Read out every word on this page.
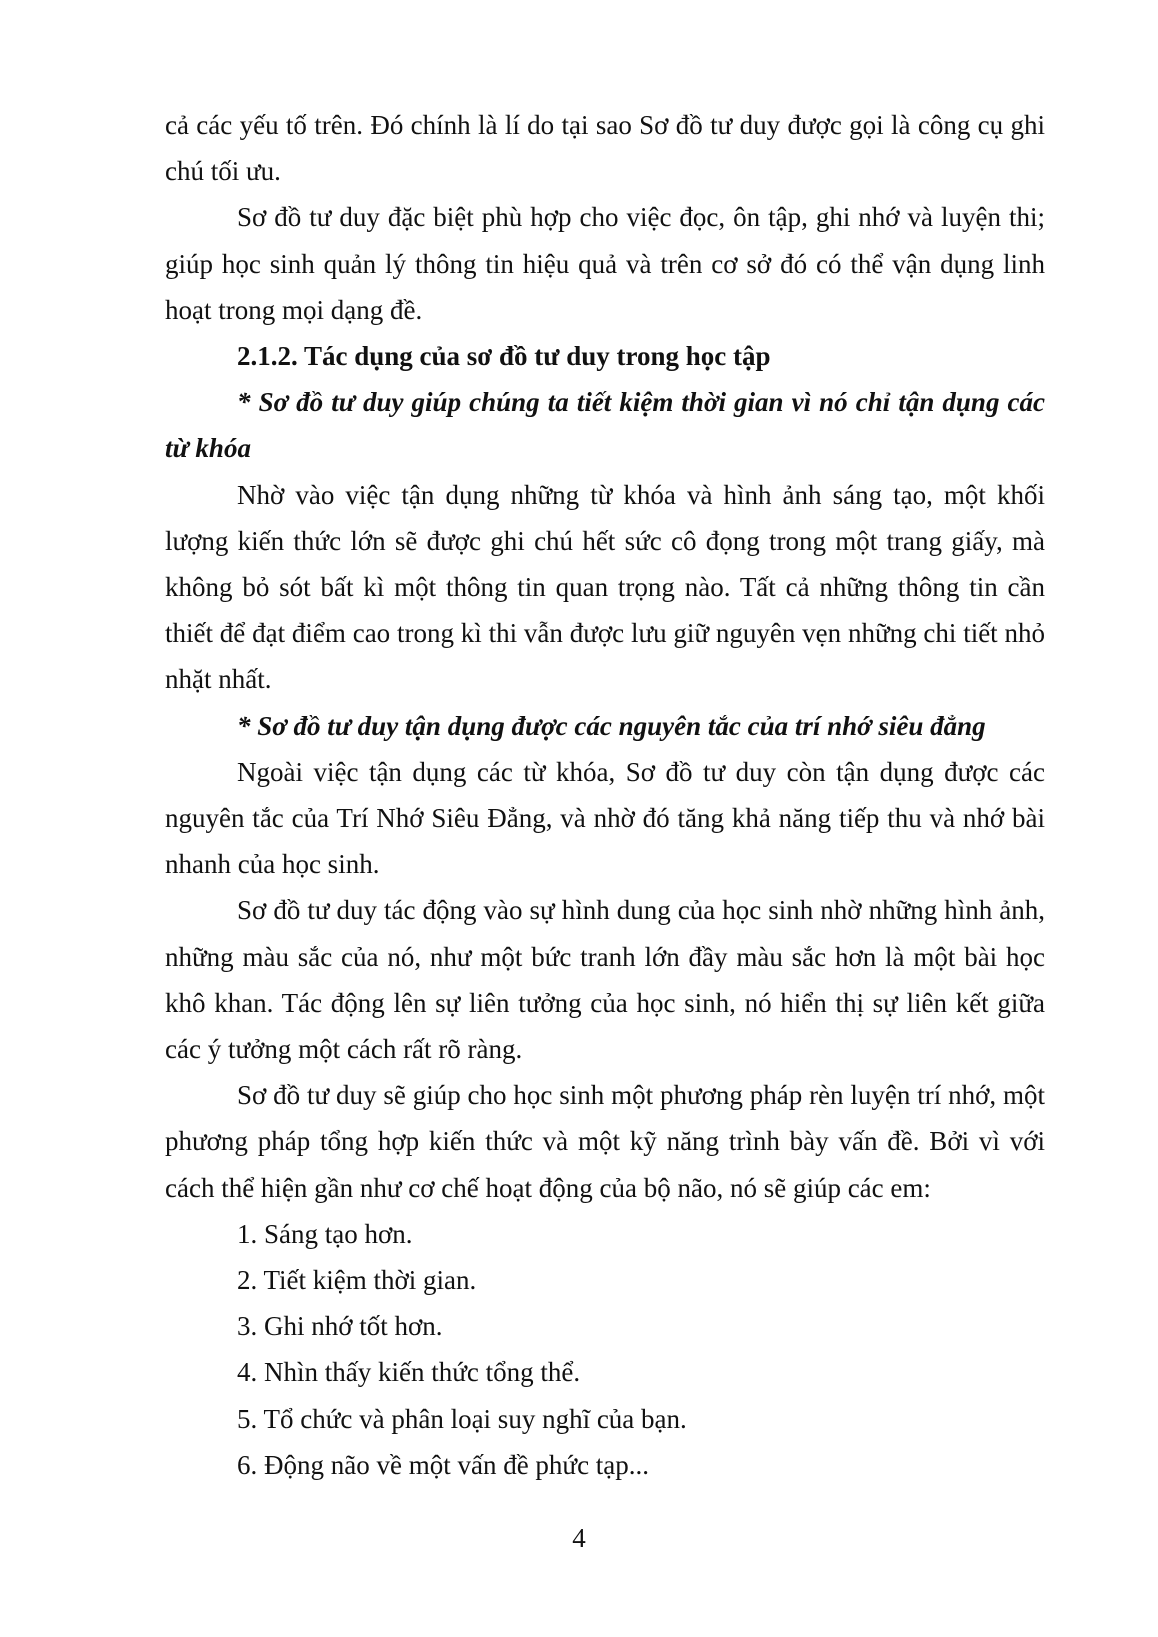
cả các yếu tố trên. Đó chính là lí do tại sao Sơ đồ tư duy được gọi là công cụ ghi chú tối ưu.

Sơ đồ tư duy đặc biệt phù hợp cho việc đọc, ôn tập, ghi nhớ và luyện thi; giúp học sinh quản lý thông tin hiệu quả và trên cơ sở đó có thể vận dụng linh hoạt trong mọi dạng đề.

2.1.2. Tác dụng của sơ đồ tư duy trong học tập

* Sơ đồ tư duy giúp chúng ta tiết kiệm thời gian vì nó chỉ tận dụng các từ khóa

Nhờ vào việc tận dụng những từ khóa và hình ảnh sáng tạo, một khối lượng kiến thức lớn sẽ được ghi chú hết sức cô đọng trong một trang giấy, mà không bỏ sót bất kì một thông tin quan trọng nào. Tất cả những thông tin cần thiết để đạt điểm cao trong kì thi vẫn được lưu giữ nguyên vẹn những chi tiết nhỏ nhặt nhất.

* Sơ đồ tư duy tận dụng được các nguyên tắc của trí nhớ siêu đẳng

Ngoài việc tận dụng các từ khóa, Sơ đồ tư duy còn tận dụng được các nguyên tắc của Trí Nhớ Siêu Đẳng, và nhờ đó tăng khả năng tiếp thu và nhớ bài nhanh của học sinh.

Sơ đồ tư duy tác động vào sự hình dung của học sinh nhờ những hình ảnh, những màu sắc của nó, như một bức tranh lớn đầy màu sắc hơn là một bài học khô khan. Tác động lên sự liên tưởng của học sinh, nó hiển thị sự liên kết giữa các ý tưởng một cách rất rõ ràng.

Sơ đồ tư duy sẽ giúp cho học sinh một phương pháp rèn luyện trí nhớ, một phương pháp tổng hợp kiến thức và một kỹ năng trình bày vấn đề. Bởi vì với cách thể hiện gần như cơ chế hoạt động của bộ não, nó sẽ giúp các em:

1. Sáng tạo hơn.

2. Tiết kiệm thời gian.

3. Ghi nhớ tốt hơn.

4. Nhìn thấy kiến thức tổng thể.

5. Tổ chức và phân loại suy nghĩ của bạn.

6. Động não về một vấn đề phức tạp...

4
